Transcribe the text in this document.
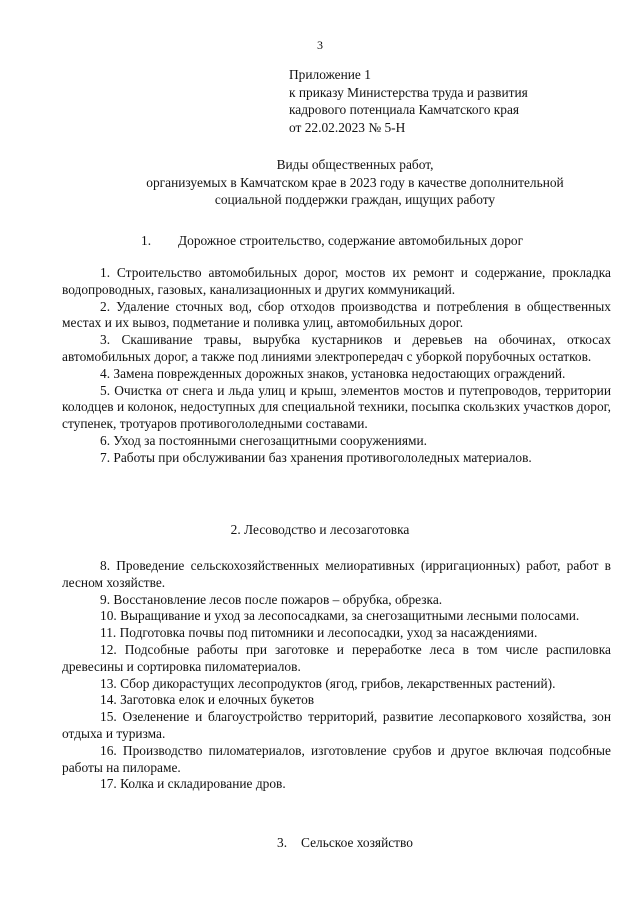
3
Приложение 1
к приказу Министерства труда и развития
кадрового потенциала Камчатского края
от 22.02.2023 № 5-Н
Виды общественных работ,
организуемых в Камчатском крае в 2023 году в качестве дополнительной
социальной поддержки граждан, ищущих работу
1. Дорожное строительство, содержание автомобильных дорог

1. Строительство автомобильных дорог, мостов их ремонт и содержание, прокладка водопроводных, газовых, канализационных и других коммуникаций.

2. Удаление сточных вод, сбор отходов производства и потребления в общественных местах и их вывоз, подметание и поливка улиц, автомобильных дорог.

3. Скашивание травы, вырубка кустарников и деревьев на обочинах, откосах автомобильных дорог, а также под линиями электропередач с уборкой порубочных остатков.

4. Замена поврежденных дорожных знаков, установка недостающих ограждений.

5. Очистка от снега и льда улиц и крыш, элементов мостов и путепроводов, территории колодцев и колонок, недоступных для специальной техники, посыпка скользких участков дорог, ступенек, тротуаров противогололедными составами.

6. Уход за постоянными снегозащитными сооружениями.

7. Работы при обслуживании баз хранения противогололедных материалов.

2. Лесоводство и лесозаготовка

8. Проведение сельскохозяйственных мелиоративных (ирригационных) работ, работ в лесном хозяйстве.

9. Восстановление лесов после пожаров – обрубка, обрезка.

10. Выращивание и уход за лесопосадками, за снегозащитными лесными полосами.

11. Подготовка почвы под питомники и лесопосадки, уход за насаждениями.

12. Подсобные работы при заготовке и переработке леса в том числе распиловка древесины и сортировка пиломатериалов.

13. Сбор дикорастущих лесопродуктов (ягод, грибов, лекарственных растений).

14. Заготовка елок и елочных букетов

15. Озеленение и благоустройство территорий, развитие лесопаркового хозяйства, зон отдыха и туризма.

16. Производство пиломатериалов, изготовление срубов и другое включая подсобные работы на пилораме.

17. Колка и складирование дров.

3. Сельское хозяйство
